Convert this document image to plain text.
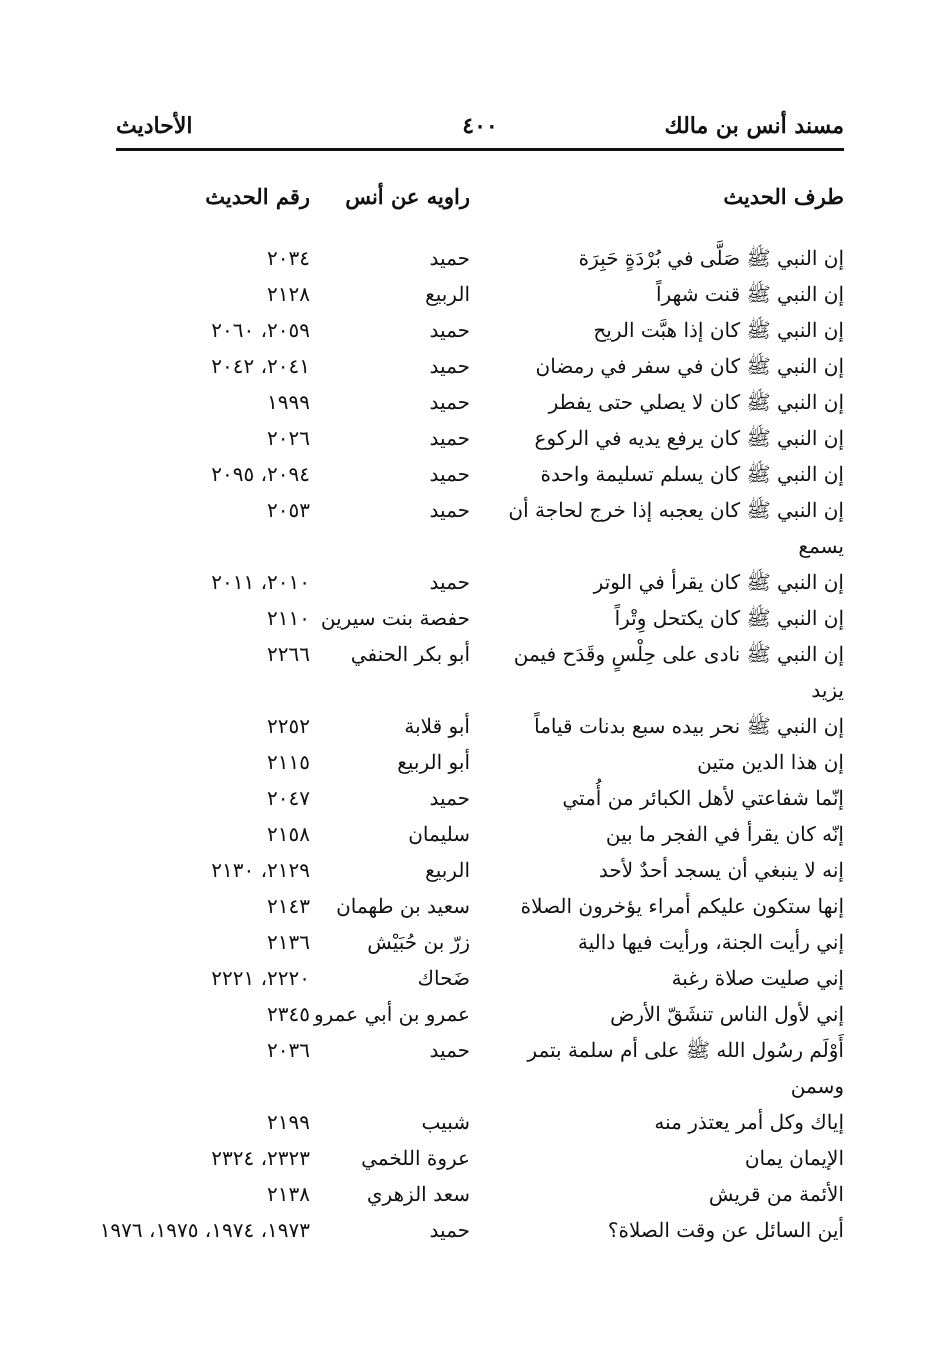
مسند أنس بن مالك
٤٠٠
الأحاديث
طرف الحديث
راويه عن أنس
رقم الحديث
إن النبي ﷺ صَلَّى في بُرْدَةٍ حَبِرَة
حميد
٢٠٣٤
إن النبي ﷺ قنت شهراً
الربيع
٢١٢٨
إن النبي ﷺ كان إذا هبَّت الريح
حميد
٢٠٥٩، ٢٠٦٠
إن النبي ﷺ كان في سفر في رمضان
حميد
٢٠٤١، ٢٠٤٢
إن النبي ﷺ كان لا يصلي حتى يفطر
حميد
١٩٩٩
إن النبي ﷺ كان يرفع يديه في الركوع
حميد
٢٠٢٦
إن النبي ﷺ كان يسلم تسليمة واحدة
حميد
٢٠٩٤، ٢٠٩٥
إن النبي ﷺ كان يعجبه إذا خرج لحاجة أن يسمع
حميد
٢٠٥٣
إن النبي ﷺ كان يقرأ في الوتر
حميد
٢٠١٠، ٢٠١١
إن النبي ﷺ كان يكتحل وِتْراً
حفصة بنت سيرين
٢١١٠
إن النبي ﷺ نادى على حِلْسٍ وقَدَح فيمن يزيد
أبو بكر الحنفي
٢٢٦٦
إن النبي ﷺ نحر بيده سبع بدنات قياماً
أبو قلابة
٢٢٥٢
إن هذا الدين متين
أبو الربيع
٢١١٥
إنّما شفاعتي لأهل الكبائر من أُمتي
حميد
٢٠٤٧
إنّه كان يقرأ في الفجر ما بين
سليمان
٢١٥٨
إنه لا ينبغي أن يسجد أحدٌ لأحد
الربيع
٢١٢٩، ٢١٣٠
إنها ستكون عليكم أمراء يؤخرون الصلاة
سعيد بن طهمان
٢١٤٣
إني رأيت الجنة، ورأيت فيها دالية
زرّ بن حُبَيْش
٢١٣٦
إني صليت صلاة رغبة
ضَحاك
٢٢٢٠، ٢٢٢١
إني لأول الناس تنشَقّ الأرض
عمرو بن أبي عمرو
٢٣٤٥
أَوْلَم رسُول الله ﷺ على أم سلمة بتمر وسمن
حميد
٢٠٣٦
إياك وكل أمر يعتذر منه
شبيب
٢١٩٩
الإيمان يمان
عروة اللخمي
٢٣٢٣، ٢٣٢٤
الأئمة من قريش
سعد الزهري
٢١٣٨
أين السائل عن وقت الصلاة؟
حميد
١٩٧٣، ١٩٧٤، ١٩٧٥، ١٩٧٦
